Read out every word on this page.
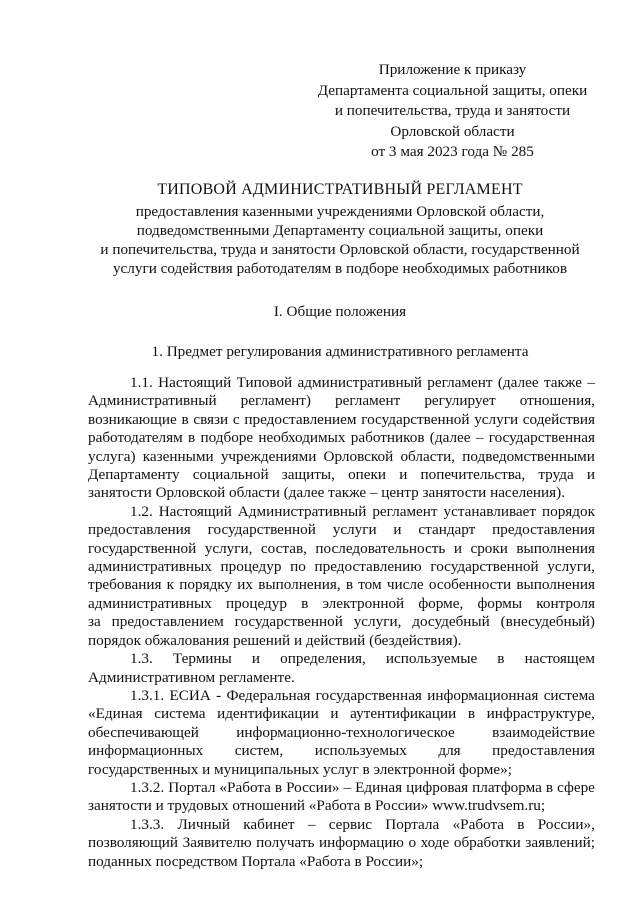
Приложение к приказу
Департамента социальной защиты, опеки
и попечительства, труда и занятости
Орловской области
от 3 мая 2023 года № 285
ТИПОВОЙ АДМИНИСТРАТИВНЫЙ РЕГЛАМЕНТ
предоставления казенными учреждениями Орловской области,
подведомственными Департаменту социальной защиты, опеки
и попечительства, труда и занятости Орловской области, государственной
услуги содействия работодателям в подборе необходимых работников
I. Общие положения
1. Предмет регулирования административного регламента
1.1. Настоящий Типовой административный регламент (далее также –
Административный регламент) регламент регулирует отношения,
возникающие в связи с предоставлением государственной услуги содействия
работодателям в подборе необходимых работников (далее – государственная
услуга) казенными учреждениями Орловской области, подведомственными
Департаменту социальной защиты, опеки и попечительства, труда и
занятости Орловской области (далее также – центр занятости населения).
1.2. Настоящий Административный регламент устанавливает порядок
предоставления государственной услуги и стандарт предоставления
государственной услуги, состав, последовательность и сроки выполнения
административных процедур по предоставлению государственной услуги,
требования к порядку их выполнения, в том числе особенности выполнения
административных процедур в электронной форме, формы контроля
за предоставлением государственной услуги, досудебный (внесудебный)
порядок обжалования решений и действий (бездействия).
1.3. Термины и определения, используемые в настоящем
Административном регламенте.
1.3.1. ЕСИА - Федеральная государственная информационная система
«Единая система идентификации и аутентификации в инфраструктуре,
обеспечивающей информационно-технологическое взаимодействие
информационных систем, используемых для предоставления
государственных и муниципальных услуг в электронной форме»;
1.3.2. Портал «Работа в России» – Единая цифровая платформа в сфере
занятости и трудовых отношений «Работа в России» www.trudvsem.ru;
1.3.3. Личный кабинет – сервис Портала «Работа в России»,
позволяющий Заявителю получать информацию о ходе обработки заявлений;
поданных посредством Портала «Работа в России»;
